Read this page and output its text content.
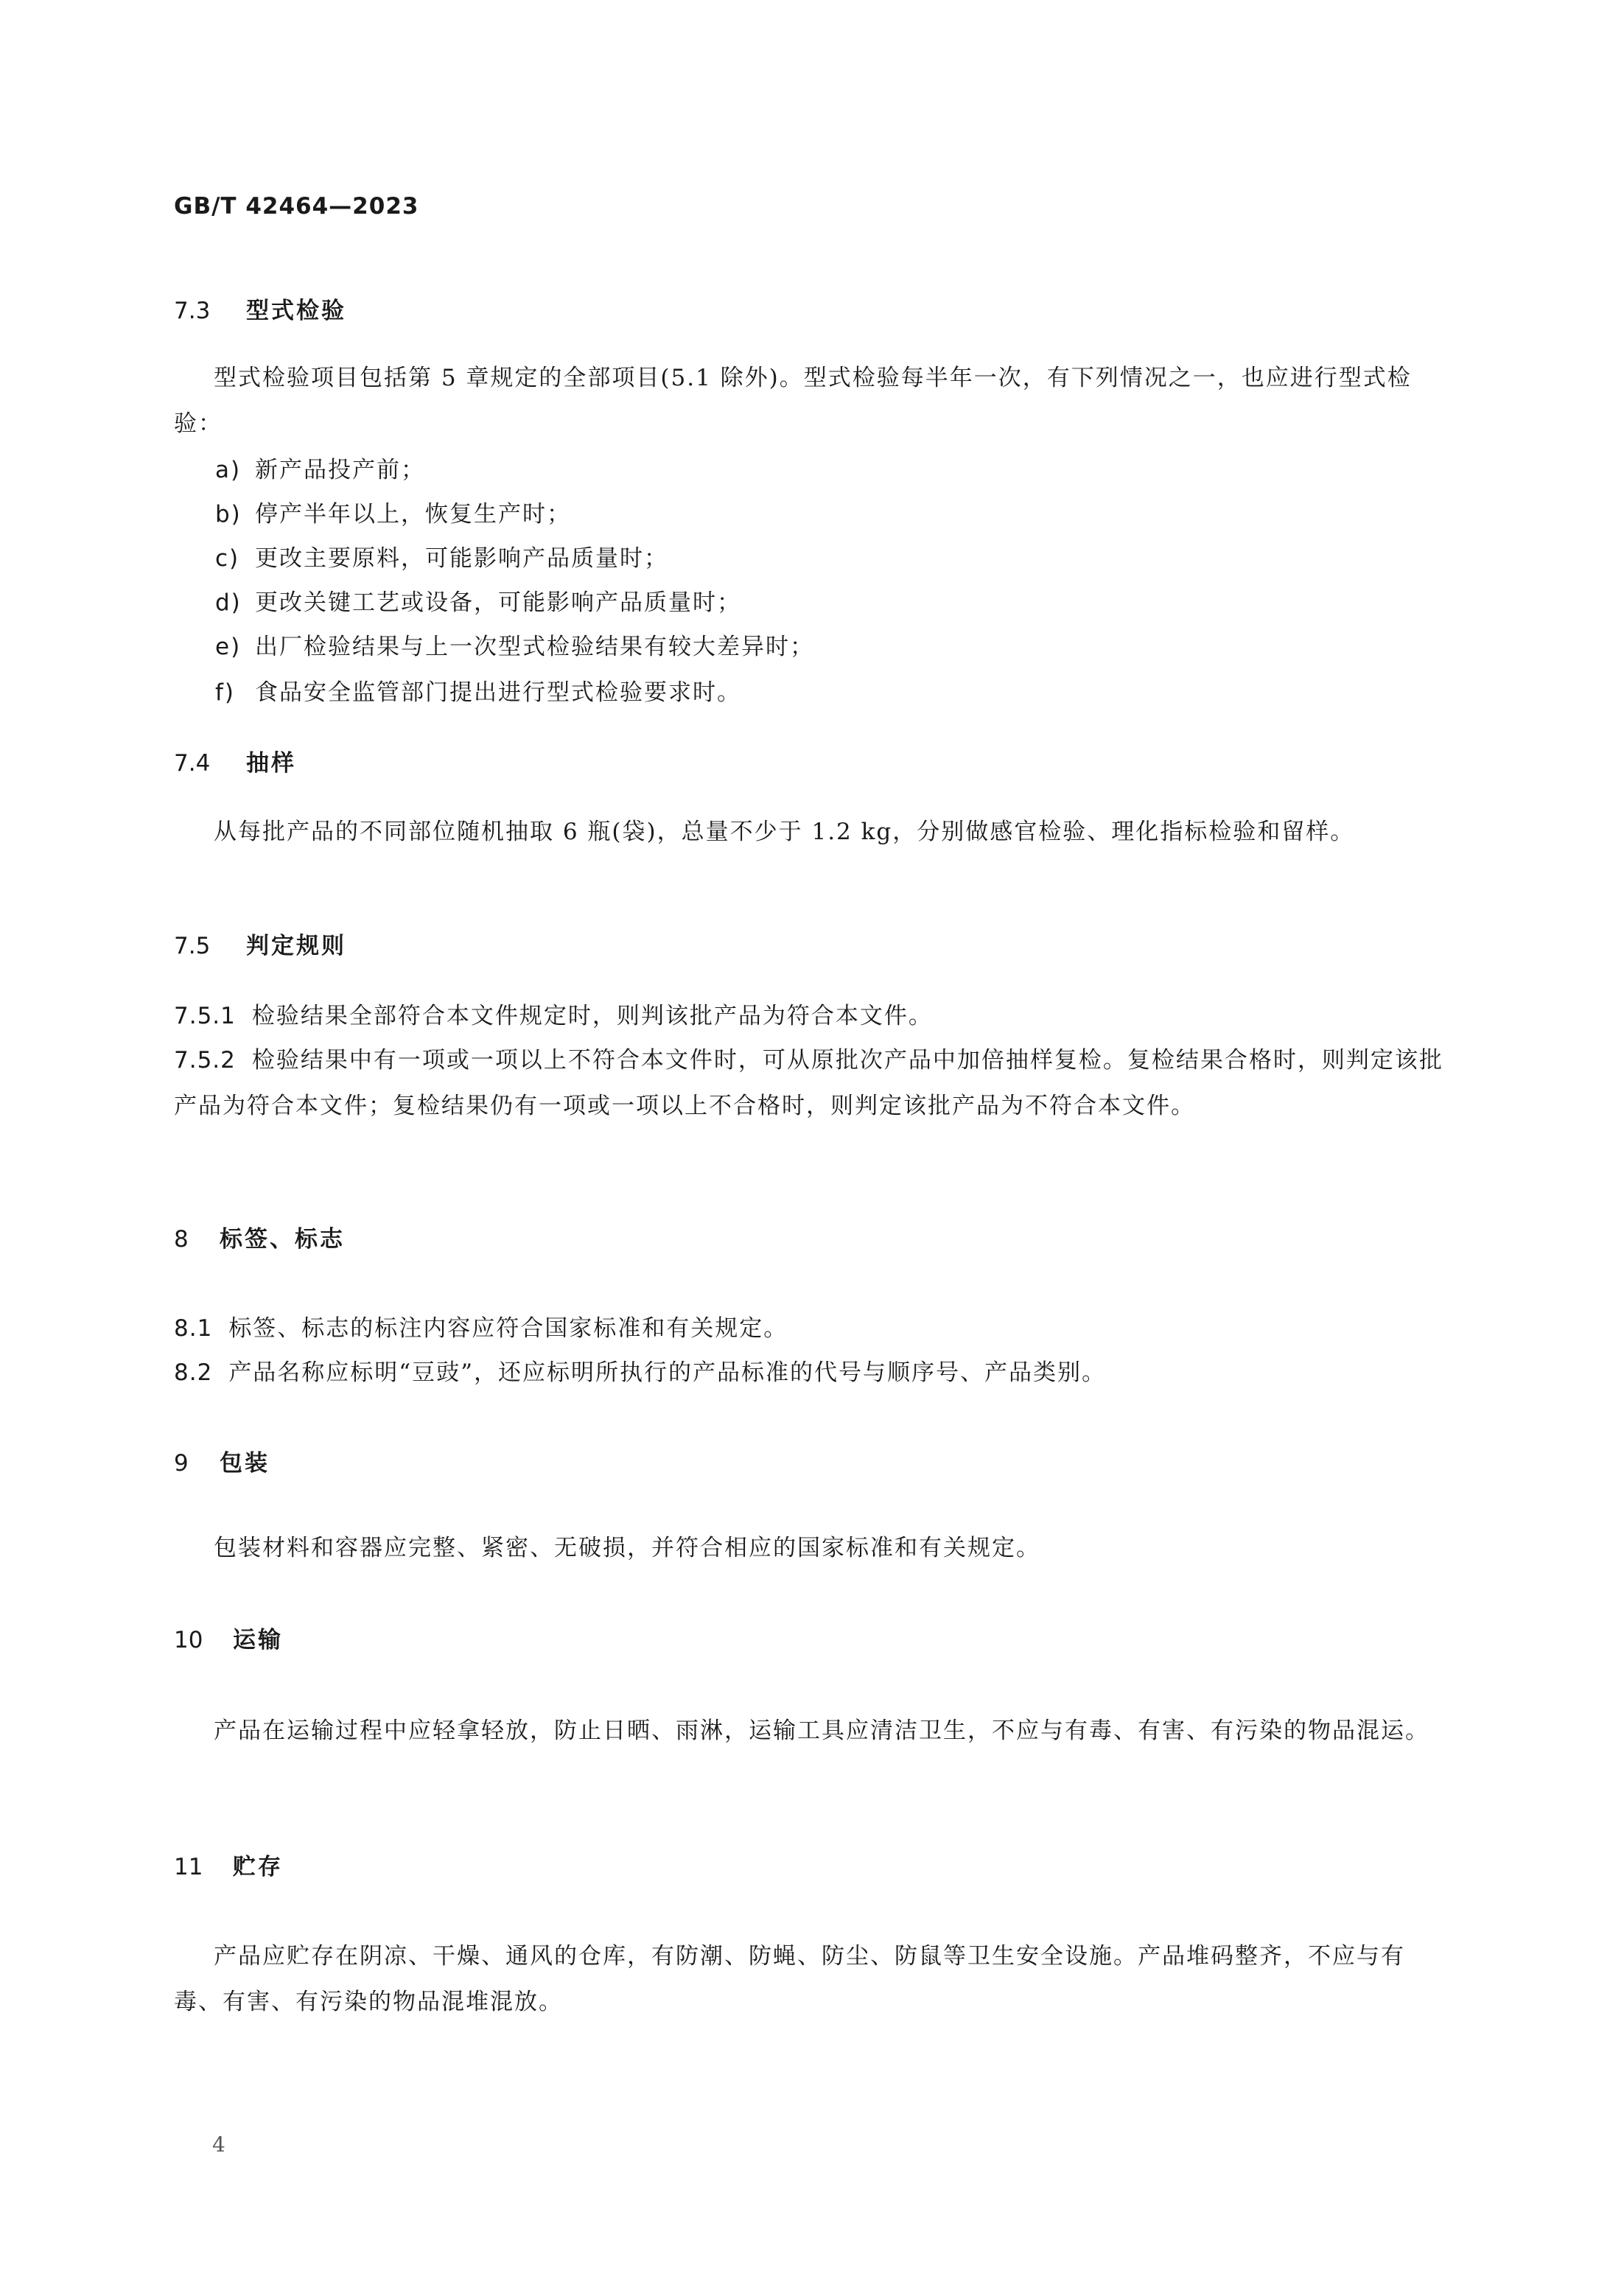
GB/T 42464—2023
7.3 型式检验
型式检验项目包括第 5 章规定的全部项目(5.1 除外)。型式检验每半年一次，有下列情况之一，也应进行型式检验：
a) 新产品投产前；
b) 停产半年以上，恢复生产时；
c) 更改主要原料，可能影响产品质量时；
d) 更改关键工艺或设备，可能影响产品质量时；
e) 出厂检验结果与上一次型式检验结果有较大差异时；
f) 食品安全监管部门提出进行型式检验要求时。
7.4 抽样
从每批产品的不同部位随机抽取 6 瓶(袋)，总量不少于 1.2 kg，分别做感官检验、理化指标检验和留样。
7.5 判定规则
7.5.1 检验结果全部符合本文件规定时，则判该批产品为符合本文件。
7.5.2 检验结果中有一项或一项以上不符合本文件时，可从原批次产品中加倍抽样复检。复检结果合格时，则判定该批产品为符合本文件；复检结果仍有一项或一项以上不合格时，则判定该批产品为不符合本文件。
8 标签、标志
8.1 标签、标志的标注内容应符合国家标准和有关规定。
8.2 产品名称应标明“豆豉”，还应标明所执行的产品标准的代号与顺序号、产品类别。
9 包装
包装材料和容器应完整、紧密、无破损，并符合相应的国家标准和有关规定。
10 运输
产品在运输过程中应轻拿轻放，防止日晒、雨淋，运输工具应清洁卫生，不应与有毒、有害、有污染的物品混运。
11 贮存
产品应贮存在阴凉、干燥、通风的仓库，有防潮、防蝇、防尘、防鼠等卫生安全设施。产品堆码整齐，不应与有毒、有害、有污染的物品混堆混放。
4
